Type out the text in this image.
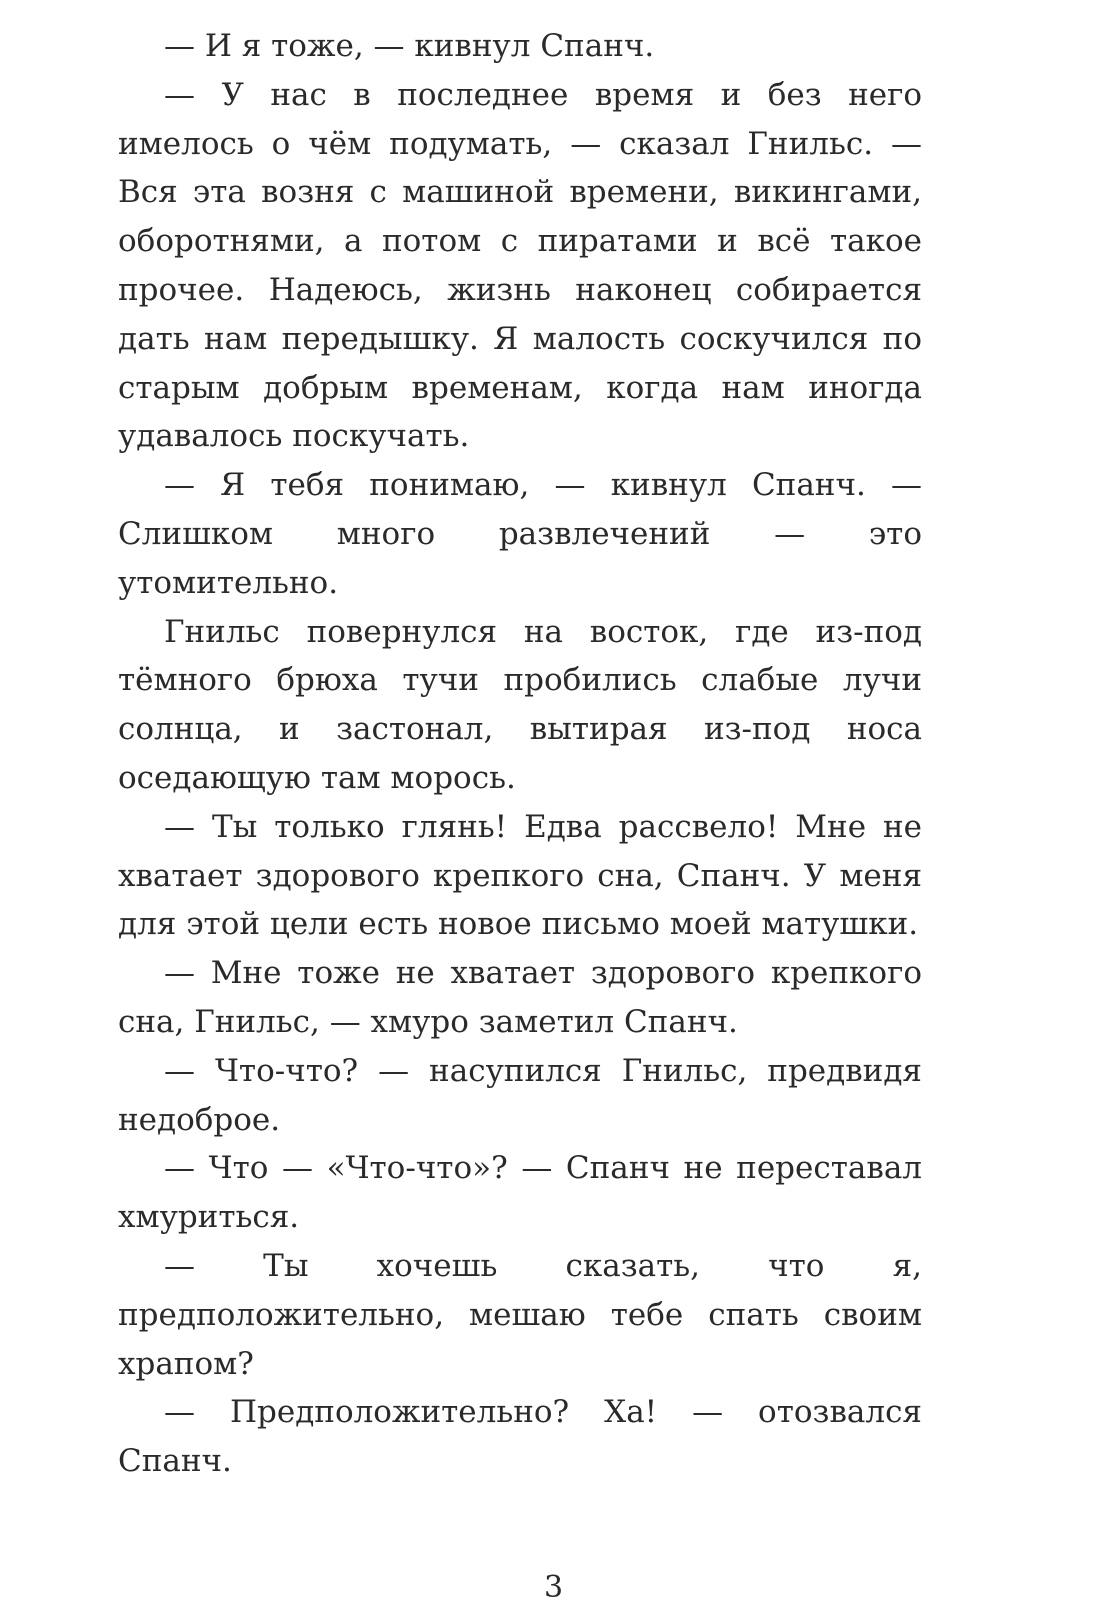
— И я тоже, — кивнул Спанч.

— У нас в последнее время и без него имелось о чём подумать, — сказал Гнильс. — Вся эта возня с машиной времени, викингами, оборотнями, а потом с пиратами и всё такое прочее. Надеюсь, жизнь наконец собирается дать нам передышку. Я малость соскучился по старым добрым временам, когда нам иногда удавалось поскучать.

— Я тебя понимаю, — кивнул Спанч. — Слишком много развлечений — это утомительно.

Гнильс повернулся на восток, где из-под тёмного брюха тучи пробились слабые лучи солнца, и застонал, вытирая из-под носа оседающую там морось.

— Ты только глянь! Едва рассвело! Мне не хватает здорового крепкого сна, Спанч. У меня для этой цели есть новое письмо моей матушки.

— Мне тоже не хватает здорового крепкого сна, Гнильс, — хмуро заметил Спанч.

— Что-что? — насупился Гнильс, предвидя недоброе.

— Что — «Что-что»? — Спанч не переставал хмуриться.

— Ты хочешь сказать, что я, предположительно, мешаю тебе спать своим храпом?

— Предположительно? Ха! — отозвался Спанч.

3
